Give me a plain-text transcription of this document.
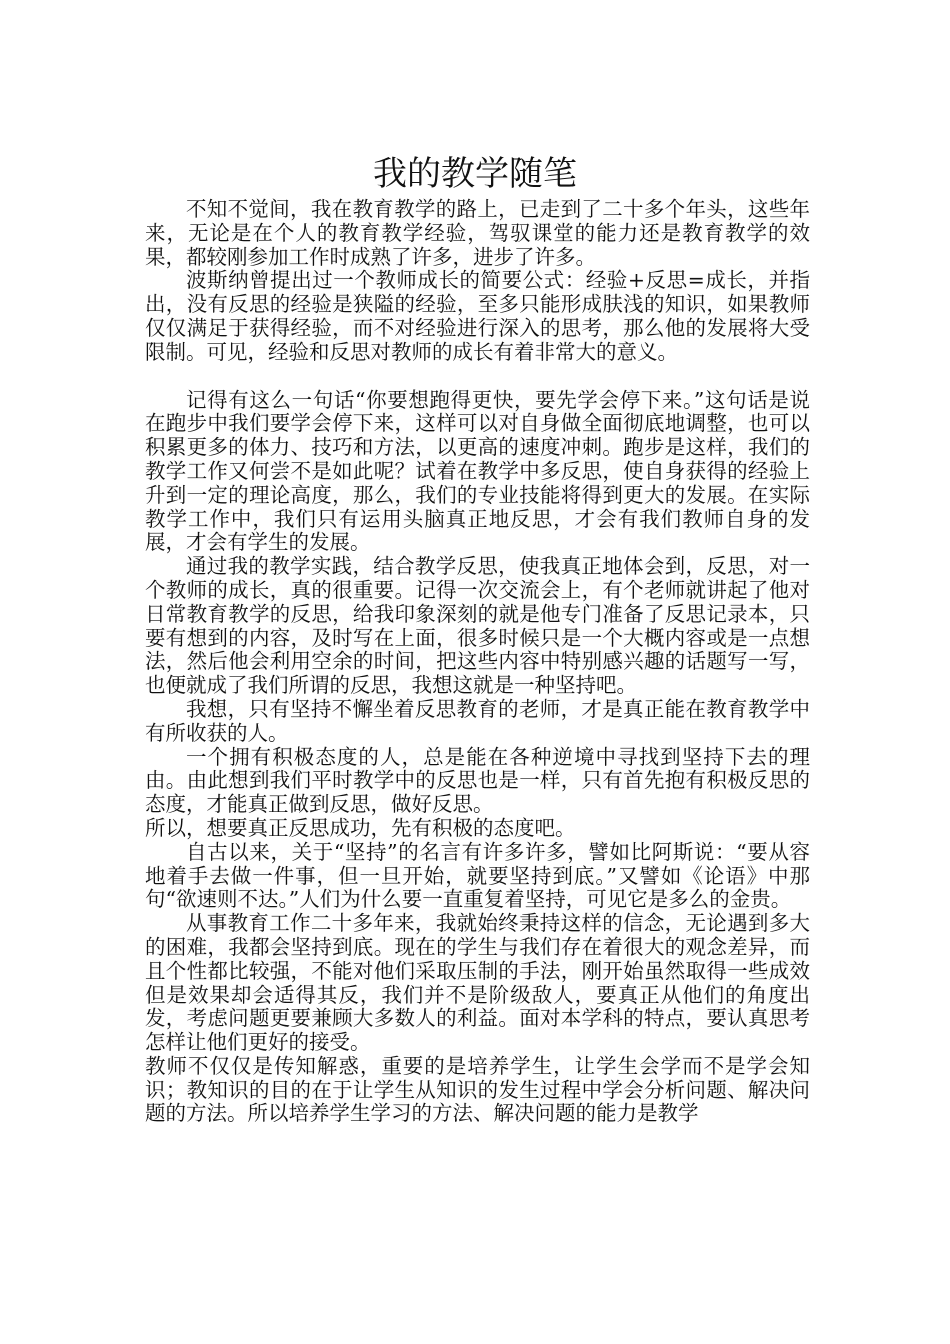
我的教学随笔

不知不觉间，我在教育教学的路上，已走到了二十多个年头，这些年来，无论是在个人的教育教学经验，驾驭课堂的能力还是教育教学的效果，都较刚参加工作时成熟了许多，进步了许多。

波斯纳曾提出过一个教师成长的简要公式：经验+反思=成长，并指出，没有反思的经验是狭隘的经验，至多只能形成肤浅的知识，如果教师仅仅满足于获得经验，而不对经验进行深入的思考，那么他的发展将大受限制。可见，经验和反思对教师的成长有着非常大的意义。

记得有这么一句话“你要想跑得更快，要先学会停下来。”这句话是说在跑步中我们要学会停下来，这样可以对自身做全面彻底地调整，也可以积累更多的体力、技巧和方法，以更高的速度冲刺。跑步是这样，我们的教学工作又何尝不是如此呢？试着在教学中多反思，使自身获得的经验上升到一定的理论高度，那么，我们的专业技能将得到更大的发展。在实际教学工作中，我们只有运用头脑真正地反思，才会有我们教师自身的发展，才会有学生的发展。

通过我的教学实践，结合教学反思，使我真正地体会到，反思，对一个教师的成长，真的很重要。记得一次交流会上，有个老师就讲起了他对日常教育教学的反思，给我印象深刻的就是他专门准备了反思记录本，只要有想到的内容，及时写在上面，很多时候只是一个大概内容或是一点想法，然后他会利用空余的时间，把这些内容中特别感兴趣的话题写一写，也便就成了我们所谓的反思，我想这就是一种坚持吧。

我想，只有坚持不懈坐着反思教育的老师，才是真正能在教育教学中有所收获的人。

一个拥有积极态度的人，总是能在各种逆境中寻找到坚持下去的理由。由此想到我们平时教学中的反思也是一样，只有首先抱有积极反思的态度，才能真正做到反思，做好反思。

所以，想要真正反思成功，先有积极的态度吧。

自古以来，关于“坚持”的名言有许多许多，譬如比阿斯说：“要从容地着手去做一件事，但一旦开始，就要坚持到底。”又譬如《论语》中那句“欲速则不达。”人们为什么要一直重复着坚持，可见它是多么的金贵。

从事教育工作二十多年来，我就始终秉持这样的信念，无论遇到多大的困难，我都会坚持到底。现在的学生与我们存在着很大的观念差异，而且个性都比较强，不能对他们采取压制的手法，刚开始虽然取得一些成效但是效果却会适得其反，我们并不是阶级敌人，要真正从他们的角度出发，考虑问题更要兼顾大多数人的利益。面对本学科的特点，要认真思考怎样让他们更好的接受。

教师不仅仅是传知解惑，重要的是培养学生，让学生会学而不是学会知识；教知识的目的在于让学生从知识的发生过程中学会分析问题、解决问题的方法。所以培养学生学习的方法、解决问题的能力是教学
